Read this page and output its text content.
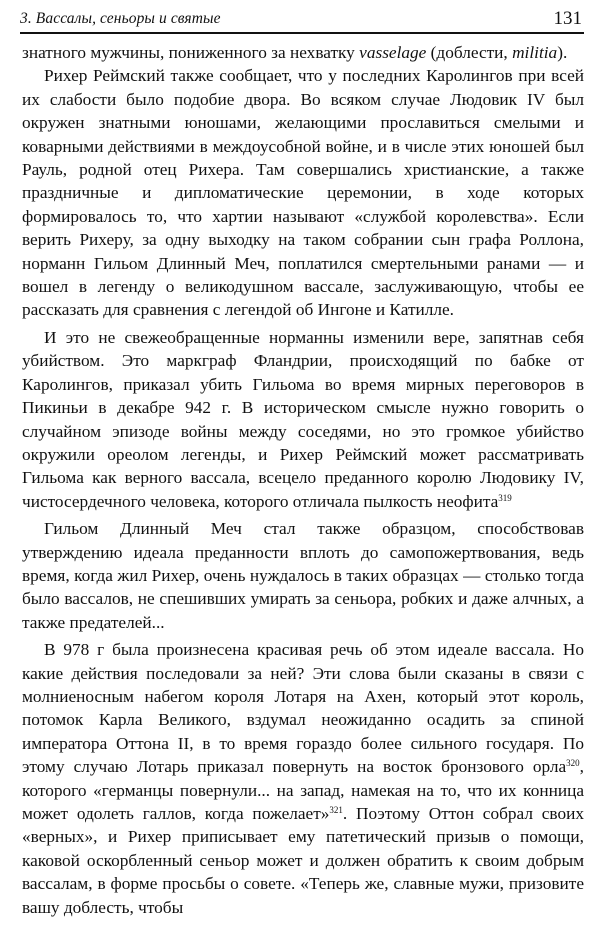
3. Вассалы, сеньоры и святые	131

знатного мужчины, пониженного за нехватку vasselage (доблести, militia).

Рихер Реймский также сообщает, что у последних Каролингов при всей их слабости было подобие двора. Во всяком случае Людовик IV был окружен знатными юношами, желающими прославиться смелыми и коварными действиями в междоусобной войне, и в числе этих юношей был Рауль, родной отец Рихера. Там совершались христианские, а также праздничные и дипломатические церемонии, в ходе которых формировалось то, что хартии называют «службой королевства». Если верить Рихеру, за одну выходку на таком собрании сын графа Роллона, норманн Гильом Длинный Меч, поплатился смертельными ранами — и вошел в легенду о великодушном вассале, заслуживающую, чтобы ее рассказать для сравнения с легендой об Ингоне и Катилле.

И это не свежеобращенные норманны изменили вере, запятнав себя убийством. Это маркграф Фландрии, происходящий по бабке от Каролингов, приказал убить Гильома во время мирных переговоров в Пикиньи в декабре 942 г. В историческом смысле нужно говорить о случайном эпизоде войны между соседями, но это громкое убийство окружили ореолом легенды, и Рихер Реймский может рассматривать Гильома как верного вассала, всецело преданного королю Людовику IV, чистосердечного человека, которого отличала пылкость неофита$^{319}$

Гильом Длинный Меч стал также образцом, способствовав утверждению идеала преданности вплоть до самопожертвования, ведь время, когда жил Рихер, очень нуждалось в таких образцах — столько тогда было вассалов, не спешивших умирать за сеньора, робких и даже алчных, а также предателей...

В 978 г была произнесена красивая речь об этом идеале вассала. Но какие действия последовали за ней? Эти слова были сказаны в связи с молниеносным набегом короля Лотаря на Ахен, который этот король, потомок Карла Великого, вздумал неожиданно осадить за спиной императора Оттона II, в то время гораздо более сильного государя. По этому случаю Лотарь приказал повернуть на восток бронзового орла$^{320}$, которого «германцы повернули... на запад, намекая на то, что их конница может одолеть галлов, когда пожелает»$^{321}$. Поэтому Оттон собрал своих «верных», и Рихер приписывает ему патетический призыв о помощи, каковой оскорбленный сеньор может и должен обратить к своим добрым вассалам, в форме просьбы о совете. «Теперь же, славные мужи, призовите вашу доблесть, чтобы
